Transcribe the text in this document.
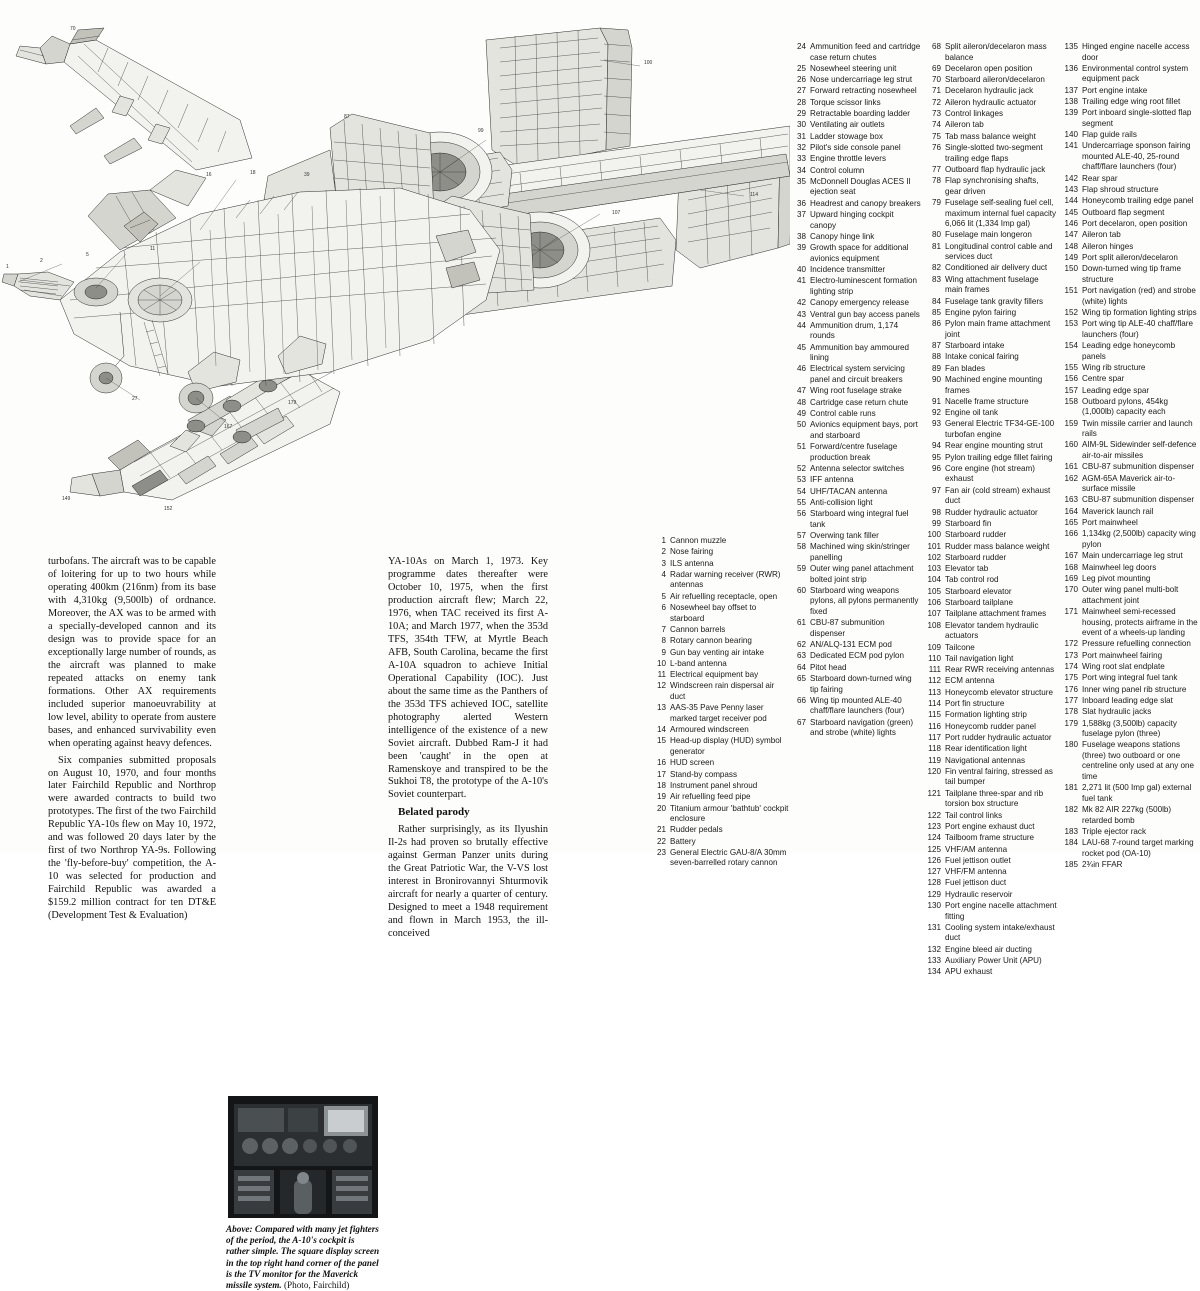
1
2
5
11
16	18	39
27
167
87
99
100
114
107
70
149
152
179
24 Ammunition feed and cartridge case return chutes
25 Nosewheel steering unit
26 Nose undercarriage leg strut
27 Forward retracting nosewheel
28 Torque scissor links
29 Retractable boarding ladder
30 Ventilating air outlets
31 Ladder stowage box
32 Pilot's side console panel
33 Engine throttle levers
34 Control column
35 McDonnell Douglas ACES II ejection seat
36 Headrest and canopy breakers
37 Upward hinging cockpit canopy
38 Canopy hinge link
39 Growth space for additional avionics equipment
40 Incidence transmitter
41 Electro-luminescent formation lighting strip
42 Canopy emergency release
43 Ventral gun bay access panels
44 Ammunition drum, 1,174 rounds
45 Ammunition bay ammoured lining
46 Electrical system servicing panel and circuit breakers
47 Wing root fuselage strake
48 Cartridge case return chute
49 Control cable runs
50 Avionics equipment bays, port and starboard
51 Forward/centre fuselage production break
52 Antenna selector switches
53 IFF antenna
54 UHF/TACAN antenna
55 Anti-collision light
56 Starboard wing integral fuel tank
57 Overwing tank filler
58 Machined wing skin/stringer panelling
59 Outer wing panel attachment bolted joint strip
60 Starboard wing weapons pylons, all pylons permanently fixed
61 CBU-87 submunition dispenser
62 AN/ALQ-131 ECM pod
63 Dedicated ECM pod pylon
64 Pitot head
65 Starboard down-turned wing tip fairing
66 Wing tip mounted ALE-40 chaff/flare launchers (four)
67 Starboard navigation (green) and strobe (white) lights
68 Split aileron/decelaron mass balance
69 Decelaron open position
70 Starboard aileron/decelaron
71 Decelaron hydraulic jack
72 Aileron hydraulic actuator
73 Control linkages
74 Aileron tab
75 Tab mass balance weight
76 Single-slotted two-segment trailing edge flaps
77 Outboard flap hydraulic jack
78 Flap synchronising shafts, gear driven
79 Fuselage self-sealing fuel cell, maximum internal fuel capacity 6,066 lit (1,334 Imp gal)
80 Fuselage main longeron
81 Longitudinal control cable and services duct
82 Conditioned air delivery duct
83 Wing attachment fuselage main frames
84 Fuselage tank gravity fillers
85 Engine pylon fairing
86 Pylon main frame attachment joint
87 Starboard intake
88 Intake conical fairing
89 Fan blades
90 Machined engine mounting frames
91 Nacelle frame structure
92 Engine oil tank
93 General Electric TF34-GE-100 turbofan engine
94 Rear engine mounting strut
95 Pylon trailing edge fillet fairing
96 Core engine (hot stream) exhaust
97 Fan air (cold stream) exhaust duct
98 Rudder hydraulic actuator
99 Starboard fin
100 Starboard rudder
101 Rudder mass balance weight
102 Starboard rudder
103 Elevator tab
104 Tab control rod
105 Starboard elevator
106 Starboard tailplane
107 Tailplane attachment frames
108 Elevator tandem hydraulic actuators
109 Tailcone
110 Tail navigation light
111 Rear RWR receiving antennas
112 ECM antenna
113 Honeycomb elevator structure
114 Port fin structure
115 Formation lighting strip
116 Honeycomb rudder panel
117 Port rudder hydraulic actuator
118 Rear identification light
119 Navigational antennas
120 Fin ventral fairing, stressed as tail bumper
121 Tailplane three-spar and rib torsion box structure
122 Tail control links
123 Port engine exhaust duct
124 Tailboom frame structure
125 VHF/AM antenna
126 Fuel jettison outlet
127 VHF/FM antenna
128 Fuel jettison duct
129 Hydraulic reservoir
130 Port engine nacelle attachment fitting
131 Cooling system intake/exhaust duct
132 Engine bleed air ducting
133 Auxiliary Power Unit (APU)
134 APU exhaust
135 Hinged engine nacelle access door
136 Environmental control system equipment pack
137 Port engine intake
138 Trailing edge wing root fillet
139 Port inboard single-slotted flap segment
140 Flap guide rails
141 Undercarriage sponson fairing mounted ALE-40, 25-round chaff/flare launchers (four)
142 Rear spar
143 Flap shroud structure
144 Honeycomb trailing edge panel
145 Outboard flap segment
146 Port decelaron, open position
147 Aileron tab
148 Aileron hinges
149 Port split aileron/decelaron
150 Down-turned wing tip frame structure
151 Port navigation (red) and strobe (white) lights
152 Wing tip formation lighting strips
153 Port wing tip ALE-40 chaff/flare launchers (four)
154 Leading edge honeycomb panels
155 Wing rib structure
156 Centre spar
157 Leading edge spar
158 Outboard pylons, 454kg (1,000lb) capacity each
159 Twin missile carrier and launch rails
160 AIM-9L Sidewinder self-defence air-to-air missiles
161 CBU-87 submunition dispenser
162 AGM-65A Maverick air-to-surface missile
163 CBU-87 submunition dispenser
164 Maverick launch rail
165 Port mainwheel
166 1,134kg (2,500lb) capacity wing pylon
167 Main undercarriage leg strut
168 Mainwheel leg doors
169 Leg pivot mounting
170 Outer wing panel multi-bolt attachment joint
171 Mainwheel semi-recessed housing, protects airframe in the event of a wheels-up landing
172 Pressure refuelling connection
173 Port mainwheel fairing
174 Wing root slat endplate
175 Port wing integral fuel tank
176 Inner wing panel rib structure
177 Inboard leading edge slat
178 Slat hydraulic jacks
179 1,588kg (3,500lb) capacity fuselage pylon (three)
180 Fuselage weapons stations (three) two outboard or one centreline only used at any one time
181 2,271 lit (500 Imp gal) external fuel tank
182 Mk 82 AIR 227kg (500lb) retarded bomb
183 Triple ejector rack
184 LAU-68 7-round target marking rocket pod (OA-10)
185 2¾in FFAR
1 Cannon muzzle
2 Nose fairing
3 ILS antenna
4 Radar warning receiver (RWR) antennas
5 Air refuelling receptacle, open
6 Nosewheel bay offset to starboard
7 Cannon barrels
8 Rotary cannon bearing
9 Gun bay venting air intake
10 L-band antenna
11 Electrical equipment bay
12 Windscreen rain dispersal air duct
13 AAS-35 Pave Penny laser marked target receiver pod
14 Armoured windscreen
15 Head-up display (HUD) symbol generator
16 HUD screen
17 Stand-by compass
18 Instrument panel shroud
19 Air refuelling feed pipe
20 Titanium armour 'bathtub' cockpit enclosure
21 Rudder pedals
22 Battery
23 General Electric GAU-8/A 30mm seven-barrelled rotary cannon

turbofans. The aircraft was to be capable of loitering for up to two hours while operating 400km (216nm) from its base with 4,310kg (9,500lb) of ordnance. Moreover, the AX was to be armed with a specially-developed cannon and its design was to provide space for an exceptionally large number of rounds, as the aircraft was planned to make repeated attacks on enemy tank formations. Other AX requirements included superior manoeuvrability at low level, ability to operate from austere bases, and enhanced survivability even when operating against heavy defences.

Six companies submitted proposals on August 10, 1970, and four months later Fairchild Republic and Northrop were awarded contracts to build two prototypes. The first of the two Fairchild Republic YA-10s flew on May 10, 1972, and was followed 20 days later by the first of two Northrop YA-9s. Following the 'fly-before-buy' competition, the A-10 was selected for production and Fairchild Republic was awarded a $159.2 million contract for ten DT&E (Development Test & Evaluation)

YA-10As on March 1, 1973. Key programme dates thereafter were October 10, 1975, when the first production aircraft flew; March 22, 1976, when TAC received its first A-10A; and March 1977, when the 353d TFS, 354th TFW, at Myrtle Beach AFB, South Carolina, became the first A-10A squadron to achieve Initial Operational Capability (IOC). Just about the same time as the Panthers of the 353d TFS achieved IOC, satellite photography alerted Western intelligence of the existence of a new Soviet aircraft. Dubbed Ram-J it had been 'caught' in the open at Ramenskoye and transpired to be the Sukhoi T8, the prototype of the A-10's Soviet counterpart.

Belated parody

Rather surprisingly, as its Ilyushin Il-2s had proven so brutally effective against German Panzer units during the Great Patriotic War, the V-VS lost interest in Bronirovannyi Shturmovik aircraft for nearly a quarter of century. Designed to meet a 1948 requirement and flown in March 1953, the ill-conceived

Above: Compared with many jet fighters of the period, the A-10's cockpit is rather simple. The square display screen in the top right hand corner of the panel is the TV monitor for the Maverick missile system. (Photo, Fairchild)
